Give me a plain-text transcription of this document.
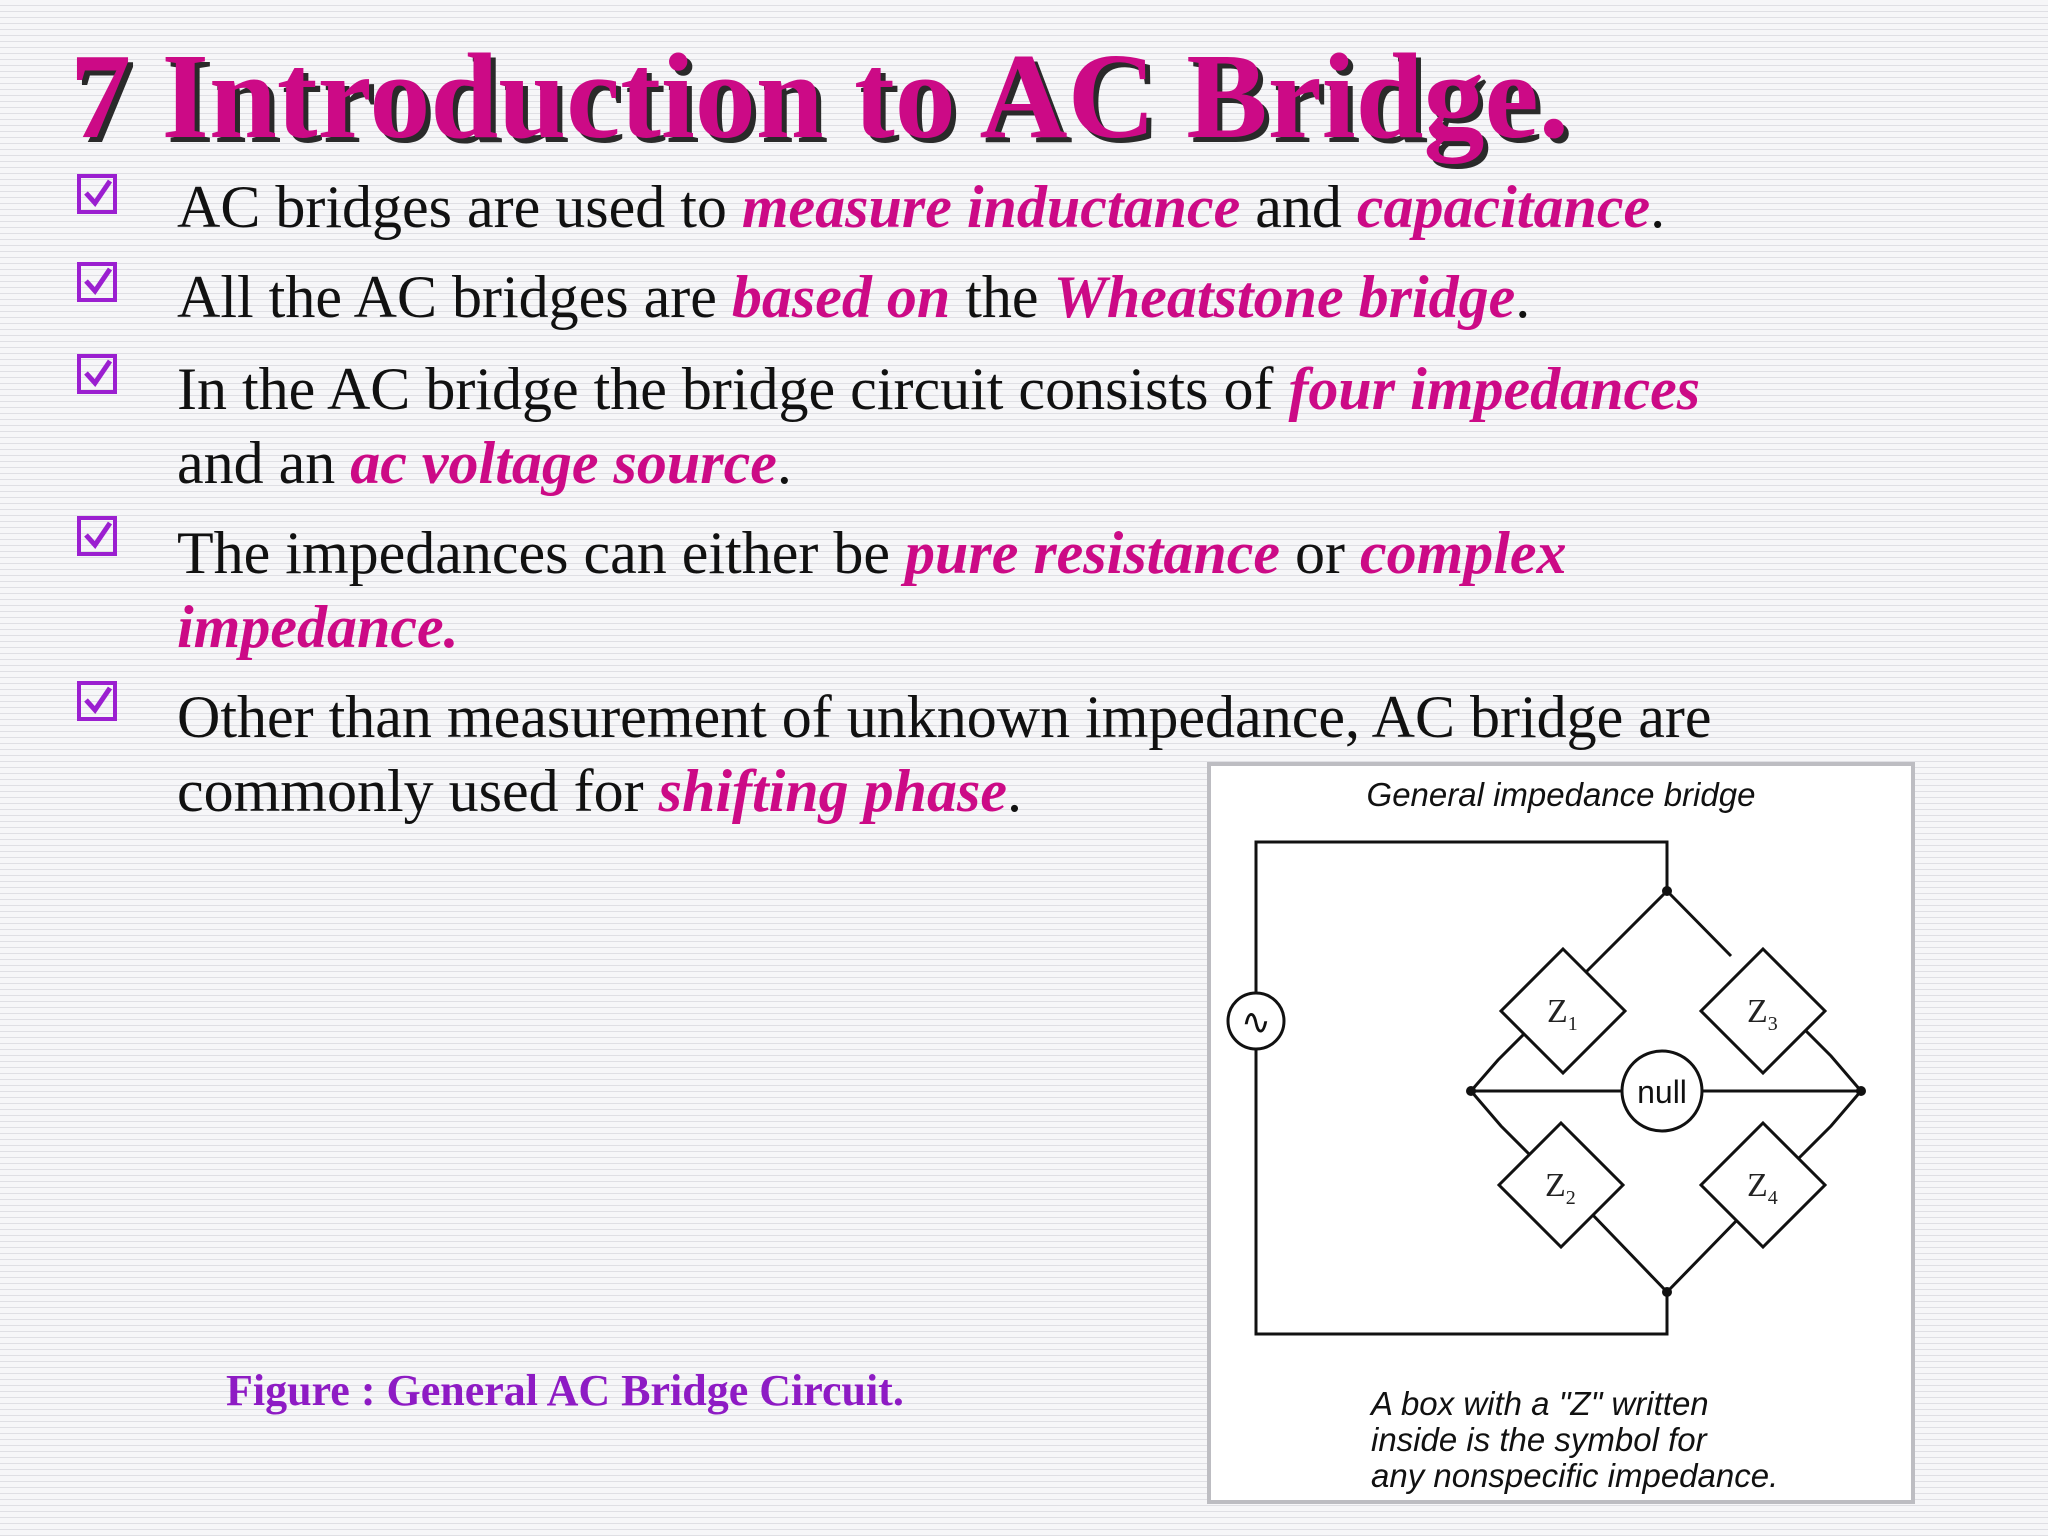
7 Introduction to AC Bridge.
AC bridges are used to measure inductance and capacitance.
All the AC bridges are based on the Wheatstone bridge.
In the AC bridge the bridge circuit consists of four impedances
and an ac voltage source.
The impedances can either be pure resistance or complex
impedance.
Other than measurement of unknown impedance, AC bridge are
commonly used for shifting phase.
Figure : General AC Bridge Circuit.
General impedance bridge
$Z_1$	$Z_3$
$Z_2$	$Z_4$
null
∿
A box with a "Z" written
inside is the symbol for
any nonspecific impedance.
